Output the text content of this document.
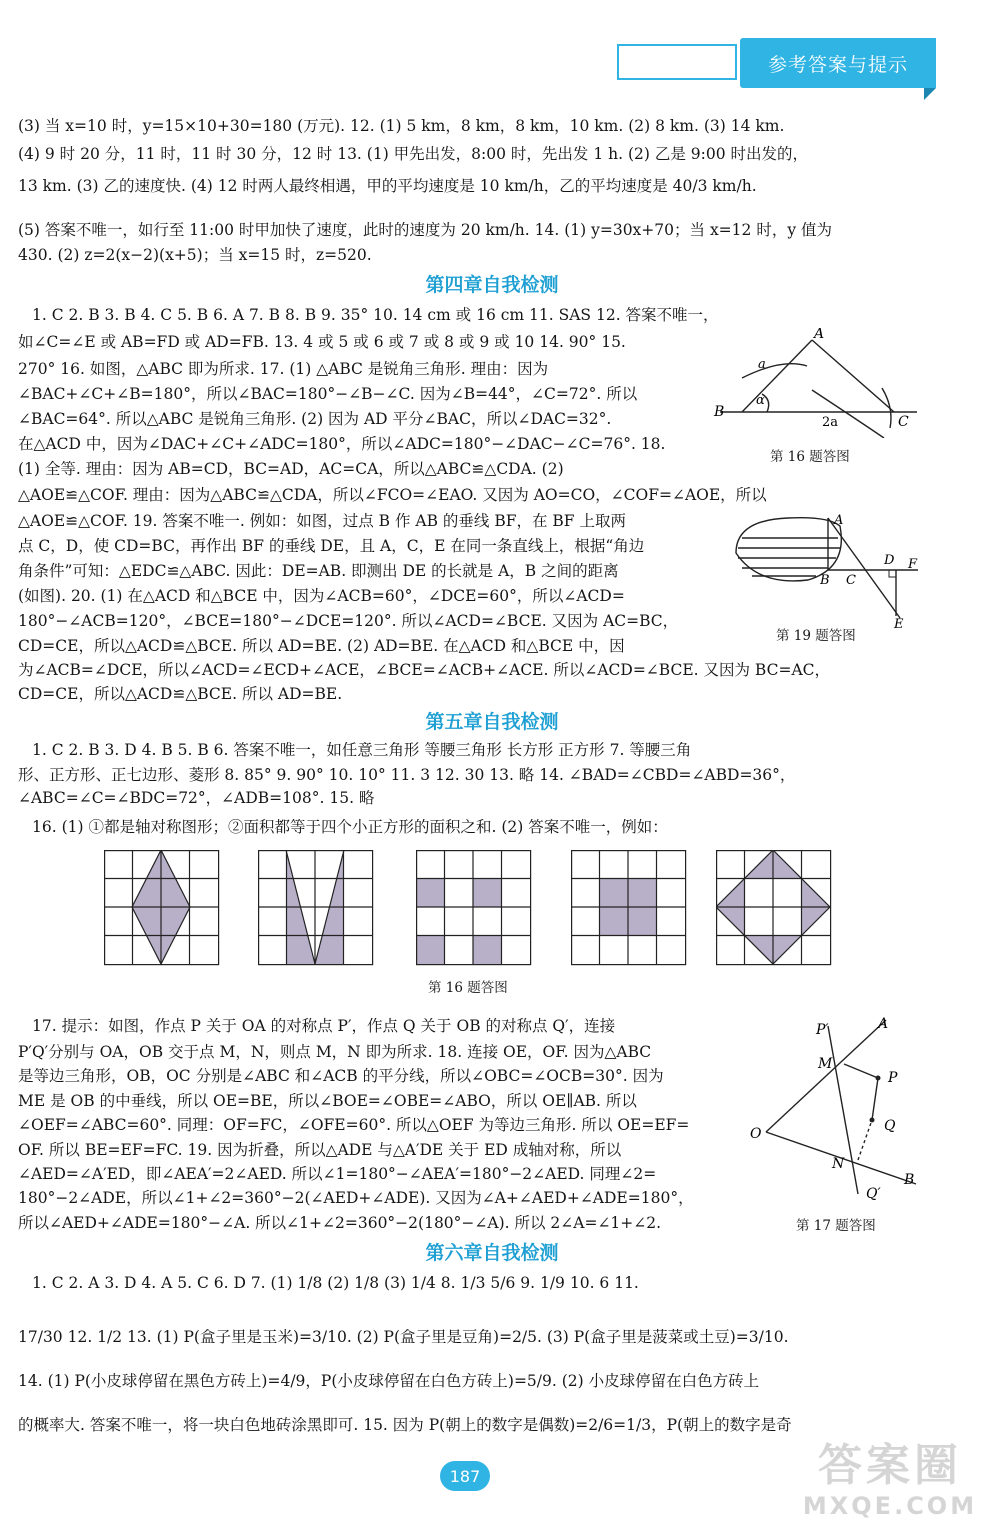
参考答案与提示
(3) 当 x=10 时，y=15×10+30=180 (万元). 12. (1) 5 km，8 km，8 km，10 km. (2) 8 km. (3) 14 km.
(4) 9 时 20 分，11 时，11 时 30 分，12 时 13. (1) 甲先出发，8:00 时，先出发 1 h. (2) 乙是 9:00 时出发的，
13 km. (3) 乙的速度快. (4) 12 时两人最终相遇，甲的平均速度是 10 km/h，乙的平均速度是 40/3 km/h.
(5) 答案不唯一，如行至 11:00 时甲加快了速度，此时的速度为 20 km/h. 14. (1) y=30x+70；当 x=12 时，y 值为
430. (2) z=2(x−2)(x+5)；当 x=15 时，z=520.
第四章自我检测
1. C 2. B 3. B 4. C 5. B 6. A 7. B 8. B 9. 35° 10. 14 cm 或 16 cm 11. SAS 12. 答案不唯一，
如∠C=∠E 或 AB=FD 或 AD=FB. 13. 4 或 5 或 6 或 7 或 8 或 9 或 10 14. 90° 15.
270° 16. 如图，△ABC 即为所求. 17. (1) △ABC 是锐角三角形. 理由：因为
∠BAC+∠C+∠B=180°，所以∠BAC=180°−∠B−∠C. 因为∠B=44°，∠C=72°. 所以
∠BAC=64°. 所以△ABC 是锐角三角形. (2) 因为 AD 平分∠BAC，所以∠DAC=32°.
在△ACD 中，因为∠DAC+∠C+∠ADC=180°，所以∠ADC=180°−∠DAC−∠C=76°. 18.
(1) 全等. 理由：因为 AB=CD，BC=AD，AC=CA，所以△ABC≌△CDA. (2)
△AOE≌△COF. 理由：因为△ABC≌△CDA，所以∠FCO=∠EAO. 又因为 AO=CO，∠COF=∠AOE，所以
△AOE≌△COF. 19. 答案不唯一. 例如：如图，过点 B 作 AB 的垂线 BF，在 BF 上取两
点 C，D，使 CD=BC，再作出 BF 的垂线 DE，且 A，C，E 在同一条直线上，根据“角边
角条件”可知：△EDC≌△ABC. 因此：DE=AB. 即测出 DE 的长就是 A，B 之间的距离
(如图). 20. (1) 在△ACD 和△BCE 中，因为∠ACB=60°，∠DCE=60°，所以∠ACD=
180°−∠ACB=120°，∠BCE=180°−∠DCE=120°. 所以∠ACD=∠BCE. 又因为 AC=BC，
CD=CE，所以△ACD≌△BCE. 所以 AD=BE. (2) AD=BE. 在△ACD 和△BCE 中，因
为∠ACB=∠DCE，所以∠ACD=∠ECD+∠ACE，∠BCE=∠ACB+∠ACE. 所以∠ACD=∠BCE. 又因为 BC=AC，
CD=CE，所以△ACD≌△BCE. 所以 AD=BE.
A
a
α
B
2a	C
第 16 题答图
A
D F
B C
E
第 19 题答图
第五章自我检测
1. C 2. B 3. D 4. B 5. B 6. 答案不唯一，如任意三角形 等腰三角形 长方形 正方形 7. 等腰三角
形、正方形、正七边形、菱形 8. 85° 9. 90° 10. 10° 11. 3 12. 30 13. 略 14. ∠BAD=∠CBD=∠ABD=36°，
∠ABC=∠C=∠BDC=72°，∠ADB=108°. 15. 略
16. (1) ①都是轴对称图形；②面积都等于四个小正方形的面积之和. (2) 答案不唯一，例如：
第 16 题答图
17. 提示：如图，作点 P 关于 OA 的对称点 P′，作点 Q 关于 OB 的对称点 Q′，连接
P′Q′分别与 OA，OB 交于点 M，N，则点 M，N 即为所求. 18. 连接 OE，OF. 因为△ABC
是等边三角形，OB，OC 分别是∠ABC 和∠ACB 的平分线，所以∠OBC=∠OCB=30°. 因为
ME 是 OB 的中垂线，所以 OE=BE，所以∠BOE=∠OBE=∠ABO，所以 OE∥AB. 所以
∠OEF=∠ABC=60°. 同理：OF=FC，∠OFE=60°. 所以△OEF 为等边三角形. 所以 OE=EF=
OF. 所以 BE=EF=FC. 19. 因为折叠，所以△ADE 与△A′DE 关于 ED 成轴对称，所以
∠AED=∠A′ED，即∠AEA′=2∠AED. 所以∠1=180°−∠AEA′=180°−2∠AED. 同理∠2=
180°−2∠ADE，所以∠1+∠2=360°−2(∠AED+∠ADE). 又因为∠A+∠AED+∠ADE=180°，
所以∠AED+∠ADE=180°−∠A. 所以∠1+∠2=360°−2(180°−∠A). 所以 2∠A=∠1+∠2.
P′	A
M
P
O	Q
N
B
Q′
第 17 题答图
第六章自我检测
1. C 2. A 3. D 4. A 5. C 6. D 7. (1) 1/8 (2) 1/8 (3) 1/4 8. 1/3 5/6 9. 1/9 10. 6 11.
17/30 12. 1/2 13. (1) P(盒子里是玉米)=3/10. (2) P(盒子里是豆角)=2/5. (3) P(盒子里是菠菜或土豆)=3/10.
14. (1) P(小皮球停留在黑色方砖上)=4/9，P(小皮球停留在白色方砖上)=5/9. (2) 小皮球停留在白色方砖上
的概率大. 答案不唯一，将一块白色地砖涂黑即可. 15. 因为 P(朝上的数字是偶数)=2/6=1/3，P(朝上的数字是奇
187	答案圈
MXQE.COM
